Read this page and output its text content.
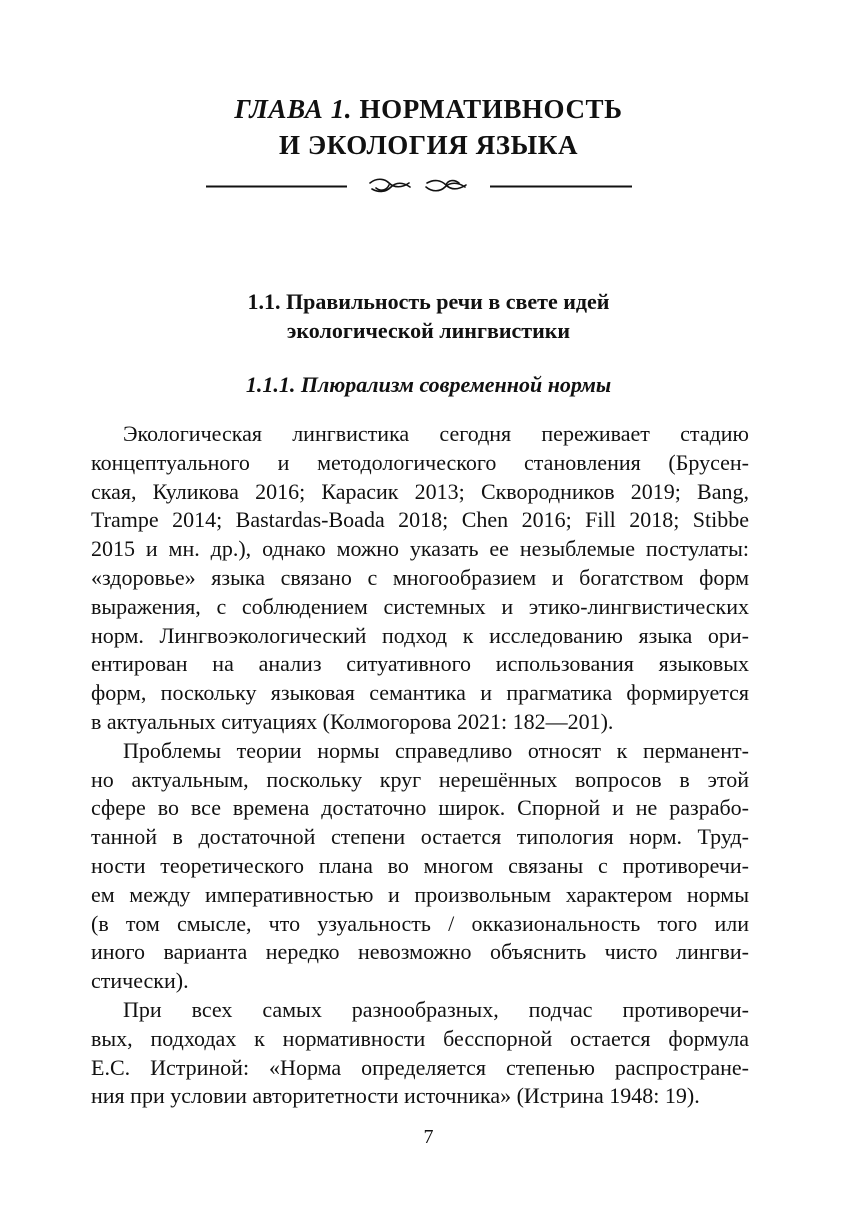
ГЛАВА 1. НОРМАТИВНОСТЬ
И ЭКОЛОГИЯ ЯЗЫКА
1.1. Правильность речи в свете идей
экологической лингвистики
1.1.1. Плюрализм современной нормы
Экологическая лингвистика сегодня переживает стадию
концептуального и методологического становления (Брусен-
ская, Куликова 2016; Карасик 2013; Сквородников 2019; Bang,
Trampe 2014; Bastardas-Boada 2018; Chen 2016; Fill 2018; Stibbe
2015 и мн. др.), однако можно указать ее незыблемые постулаты:
«здоровье» языка связано с многообразием и богатством форм
выражения, с соблюдением системных и этико-лингвистических
норм. Лингвоэкологический подход к исследованию языка ори-
ентирован на анализ ситуативного использования языковых
форм, поскольку языковая семантика и прагматика формируется
в актуальных ситуациях (Колмогорова 2021: 182—201).
Проблемы теории нормы справедливо относят к перманент-
но актуальным, поскольку круг нерешённых вопросов в этой
сфере во все времена достаточно широк. Спорной и не разрабо-
танной в достаточной степени остается типология норм. Труд-
ности теоретического плана во многом связаны с противоречи-
ем между императивностью и произвольным характером нормы
(в том смысле, что узуальность / окказиональность того или
иного варианта нередко невозможно объяснить чисто лингви-
стически).
При всех самых разнообразных, подчас противоречи-
вых, подходах к нормативности бесспорной остается формула
Е.С. Истриной: «Норма определяется степенью распростране-
ния при условии авторитетности источника» (Истрина 1948: 19).
7
